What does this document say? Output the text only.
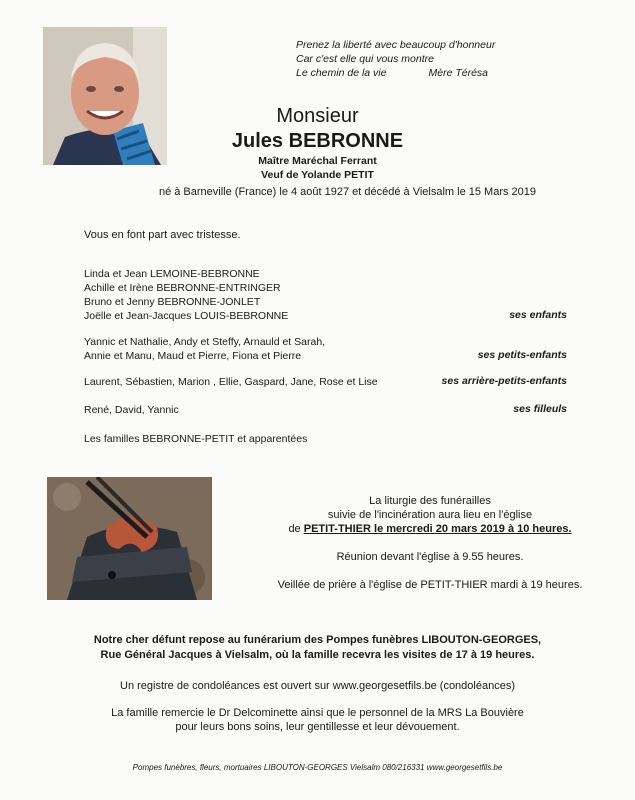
Prenez la liberté avec beaucoup d'honneur
Car c'est elle qui vous montre
Le chemin de la vie	Mère Térésa
Monsieur
Jules BEBRONNE
Maître Maréchal Ferrant
Veuf de Yolande PETIT
né à Barneville (France) le 4 août 1927 et décédé à Vielsalm le 15 Mars 2019
Vous en font part avec tristesse.
Linda et Jean LEMOINE-BEBRONNE
Achille et Irène BEBRONNE-ENTRINGER
Bruno et Jenny BEBRONNE-JONLET
Joëlle et Jean-Jacques LOUIS-BEBRONNE	ses enfants
Yannic et Nathalie, Andy et Steffy, Arnauld et Sarah,
Annie et Manu, Maud et Pierre, Fiona et Pierre	ses petits-enfants
Laurent, Sébastien, Marion , Ellie, Gaspard, Jane, Rose et Lise	ses arrière-petits-enfants
René, David, Yannic	ses filleuls
Les familles BEBRONNE-PETIT et apparentées
La liturgie des funérailles
suivie de l'incinération aura lieu en l'église
de PETIT-THIER le mercredi 20 mars 2019 à 10 heures.
Réunion devant l'église à 9.55 heures.
Veillée de prière à l'église de PETIT-THIER mardi à 19 heures.
Notre cher défunt repose au funérarium des Pompes funèbres LIBOUTON-GEORGES,
Rue Général Jacques à Vielsalm, où la famille recevra les visites de 17 à 19 heures.
Un registre de condoléances est ouvert sur www.georgesetfils.be (condoléances)
La famille remercie le Dr Delcominette ainsi que le personnel de la MRS La Bouvière
pour leurs bons soins, leur gentillesse et leur dévouement.
Pompes funèbres, fleurs, mortuaires LIBOUTON-GEORGES Vielsalm 080/216331 www.georgesetfils.be
